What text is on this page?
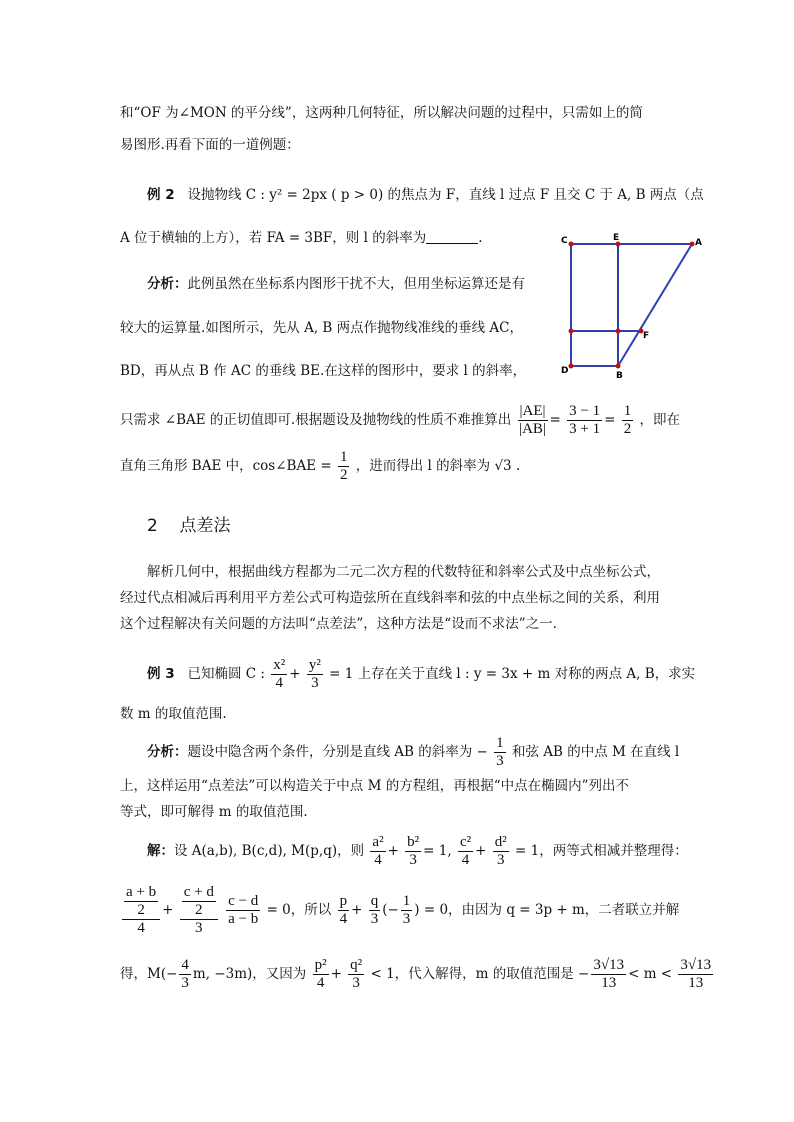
和“OF 为∠MON 的平分线”，这两种几何特征，所以解决问题的过程中，只需如上的简
易图形.再看下面的一道例题：
例 2 设抛物线 C : y² = 2px ( p > 0) 的焦点为 F，直线 l 过点 F 且交 C 于 A, B 两点（点
A 位于横轴的上方），若 FA = 3BF，则 l 的斜率为	.
分析：此例虽然在坐标系内图形干扰不大，但用坐标运算还是有
较大的运算量.如图所示，先从 A, B 两点作抛物线准线的垂线 AC，
BD，再从点 B 作 AC 的垂线 BE.在这样的图形中，要求 l 的斜率，
只需求 ∠BAE 的正切值即可.根据题设及抛物线的性质不难推算出 $\frac{|AE|}{|AB|} = \frac{3 - 1}{3 + 1} = \frac{1}{2}$ ，即在
直角三角形 BAE 中，cos∠BAE = $\frac{1}{2}$ ，进而得出 l 的斜率为 √3 .
C	E	A
F
D	B
2 点差法
解析几何中，根据曲线方程都为二元二次方程的代数特征和斜率公式及中点坐标公式，
经过代点相减后再利用平方差公式可构造弦所在直线斜率和弦的中点坐标之间的关系，利用
这个过程解决有关问题的方法叫“点差法”，这种方法是“设而不求法”之一.
例 3 已知椭圆 C : $\frac{\text{x²}}{4} + \frac{\text{y²}}{3} = 1$ 上存在关于直线 l : y = 3x + m 对称的两点 A, B，求实
数 m 的取值范围.
分析：题设中隐含两个条件，分别是直线 AB 的斜率为 − $\frac{1}{3}$ 和弦 AB 的中点 M 在直线 l
上，这样运用“点差法”可以构造关于中点 M 的方程组，再根据“中点在椭圆内”列出不
等式，即可解得 m 的取值范围.
解：设 A(a,b), B(c,d), M(p,q)，则 $\frac{\text{a²}}{4} + \frac{\text{b²}}{3} = 1$, $\frac{\text{c²}}{4} + \frac{\text{d²}}{3} = 1$，两等式相减并整理得：
$\frac{\frac{a + b}{2}}{4} + \frac{\frac{c + d}{2}}{3}$
$\frac{c - d}{a - b} = 0$，所以 $\frac{p}{4} + \frac{q}{3}$ (− $\frac{1}{3}$ ) = 0，由因为 q = 3p + m，二者联立并解
得，$M(- \frac{4}{3} m$, −3m)，又因为 $\frac{\text{p²}}{4} + \frac{\text{q²}}{3} < 1$，代入解得，m 的取值范围是 − $\frac{3√13}{13} < m < \frac{3√13}{13}$
